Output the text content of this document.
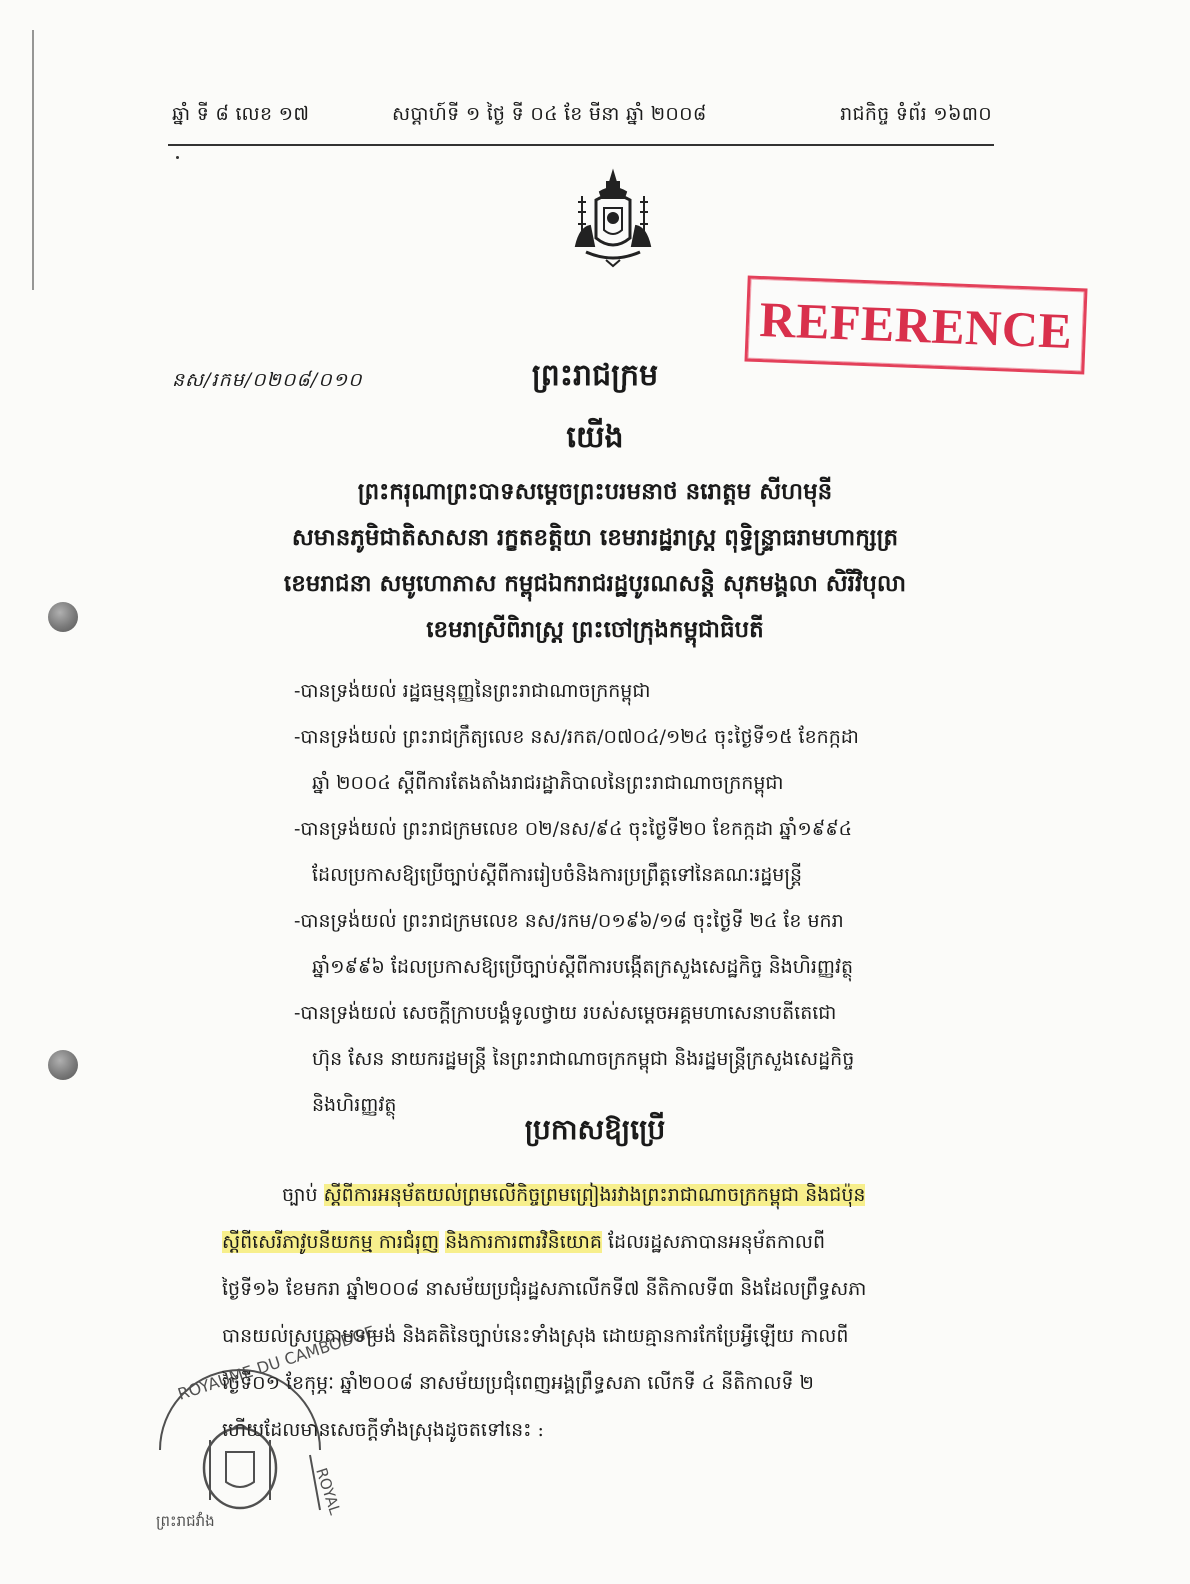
ឆ្នាំ ទី ៨ លេខ ១៧	សប្ដាហ៍ទី ១ ថ្ងៃ ទី ០៤ ខែ មីនា ឆ្នាំ ២០០៨	រាជកិច្ច ទំព័រ ១៦៣០
REFERENCE
នស/រកម/០២០៨/០១០	ព្រះរាជក្រម
យើង
ព្រះករុណាព្រះបាទសម្ដេចព្រះបរមនាថ នរោត្ដម សីហមុនី
សមានភូមិជាតិសាសនា រក្ខតខត្តិយា ខេមរារដ្ឋរាស្ត្រ ពុទ្ធិន្ទ្រាធរាមហាក្សត្រ
ខេមរាជនា សមូហោភាស កម្ពុជឯករាជរដ្ឋបូរណសន្តិ សុភមង្គលា សិរីវិបុលា
ខេមរាស្រីពិរាស្ត្រ ព្រះចៅក្រុងកម្ពុជាធិបតី
-បានទ្រង់យល់ រដ្ឋធម្មនុញ្ញនៃព្រះរាជាណាចក្រកម្ពុជា
-បានទ្រង់យល់ ព្រះរាជក្រឹត្យលេខ នស/រកត/០៧០៤/១២៤ ចុះថ្ងៃទី១៥ ខែកក្កដា
ឆ្នាំ ២០០៤ ស្ដីពីការតែងតាំងរាជរដ្ឋាភិបាលនៃព្រះរាជាណាចក្រកម្ពុជា
-បានទ្រង់យល់ ព្រះរាជក្រមលេខ ០២/នស/៩៤ ចុះថ្ងៃទី២០ ខែកក្កដា ឆ្នាំ១៩៩៤
ដែលប្រកាសឱ្យប្រើច្បាប់ស្ដីពីការរៀបចំនិងការប្រព្រឹត្តទៅនៃគណៈរដ្ឋមន្ត្រី
-បានទ្រង់យល់ ព្រះរាជក្រមលេខ នស/រកម/០១៩៦/១៨ ចុះថ្ងៃទី ២៤ ខែ មករា
ឆ្នាំ១៩៩៦ ដែលប្រកាសឱ្យប្រើច្បាប់ស្ដីពីការបង្កើតក្រសួងសេដ្ឋកិច្ច និងហិរញ្ញវត្ថុ
-បានទ្រង់យល់ សេចក្ដីក្រាបបង្គំទូលថ្វាយ របស់សម្ដេចអគ្គមហាសេនាបតីតេជោ
ហ៊ុន សែន នាយករដ្ឋមន្ត្រី នៃព្រះរាជាណាចក្រកម្ពុជា និងរដ្ឋមន្ត្រីក្រសួងសេដ្ឋកិច្ច
និងហិរញ្ញវត្ថុ
ប្រកាសឱ្យប្រើ
ច្បាប់ ស្ដីពីការអនុម័តយល់ព្រមលើកិច្ចព្រមព្រៀងរវាងព្រះរាជាណាចក្រកម្ពុជា និងជប៉ុន
ស្ដីពីសេរីភាវូបនីយកម្ម ការជំរុញ និងការការពារវិនិយោគ ដែលរដ្ឋសភាបានអនុម័តកាលពី
ថ្ងៃទី១៦ ខែមករា ឆ្នាំ២០០៨ នាសម័យប្រជុំរដ្ឋសភាលើកទី៧ នីតិកាលទី៣ និងដែលព្រឹទ្ធសភា
បានយល់ស្របតាមទម្រង់ និងគតិនៃច្បាប់នេះទាំងស្រុង ដោយគ្មានការកែប្រែអ្វីឡើយ កាលពី
ថ្ងៃទី០១ ខែកុម្ភៈ ឆ្នាំ២០០៨ នាសម័យប្រជុំពេញអង្គព្រឹទ្ធសភា លើកទី ៤ នីតិកាលទី ២
ហើយដែលមានសេចក្ដីទាំងស្រុងដូចតទៅនេះ :
ROYAUME DU CAMBODGE
ROYAL
ព្រះរាជវាំង
